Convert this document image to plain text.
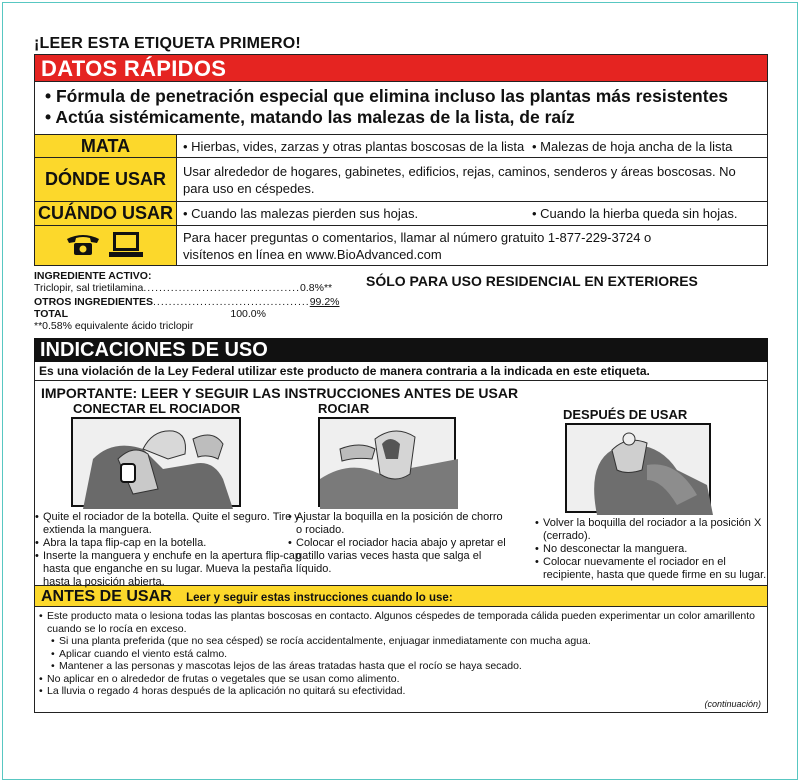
¡LEER ESTA ETIQUETA PRIMERO!
DATOS RÁPIDOS
• Fórmula de penetración especial que elimina incluso las plantas más resistentes
• Actúa sistémicamente, matando las malezas de la lista, de raíz
MATA	• Hierbas, vides, zarzas y otras plantas boscosas de la lista • Malezas de hoja ancha de la lista

DÓNDE USAR	Usar alrededor de hogares, gabinetes, edificios, rejas, caminos, senderos y áreas boscosas. No para uso en céspedes.
CUÁNDO USAR	• Cuando las malezas pierden sus hojas. • Cuando la hierba queda sin hojas.

Para hacer preguntas o comentarios, llamar al número gratuito 1-877-229-3724 o
visítenos en línea en www.BioAdvanced.com
INGREDIENTE ACTIVO:
Triclopir, sal trietilamina ........................................ 0.8%**
OTROS INGREDIENTES ........................................ 99.2%
TOTAL	100.0%
**0.58% equivalente ácido triclopir
SÓLO PARA USO RESIDENCIAL EN EXTERIORES
INDICACIONES DE USO
Es una violación de la Ley Federal utilizar este producto de manera contraria a la indicada en este etiqueta.
IMPORTANTE: LEER Y SEGUIR LAS INSTRUCCIONES ANTES DE USAR
CONECTAR EL ROCIADOR
• Quite el rociador de la botella. Quite el seguro. Tire y extienda la manguera.
• Abra la tapa flip-cap en la botella.
• Inserte la manguera y enchufe en la apertura flip-cap hasta que enganche en su lugar. Mueva la pestaña hasta la posición abierta.
ROCIAR
• Ajustar la boquilla en la posición de chorro o rociado.
• Colocar el rociador hacia abajo y apretar el gatillo varias veces hasta que salga el líquido.
DESPUÉS DE USAR
• Volver la boquilla del rociador a la posición X (cerrado).
• No desconectar la manguera.
• Colocar nuevamente el rociador en el recipiente, hasta que quede firme en su lugar.
ANTES DE USAR Leer y seguir estas instrucciones cuando lo use:
• Este producto mata o lesiona todas las plantas boscosas en contacto. Algunos céspedes de temporada cálida pueden experimentar un color amarillento cuando se lo rocía en exceso.
• Si una planta preferida (que no sea césped) se rocía accidentalmente, enjuagar inmediatamente con mucha agua.
• Aplicar cuando el viento está calmo.
• Mantener a las personas y mascotas lejos de las áreas tratadas hasta que el rocío se haya secado.
• No aplicar en o alrededor de frutas o vegetales que se usan como alimento.
• La lluvia o regado 4 horas después de la aplicación no quitará su efectividad.
(continuación)
